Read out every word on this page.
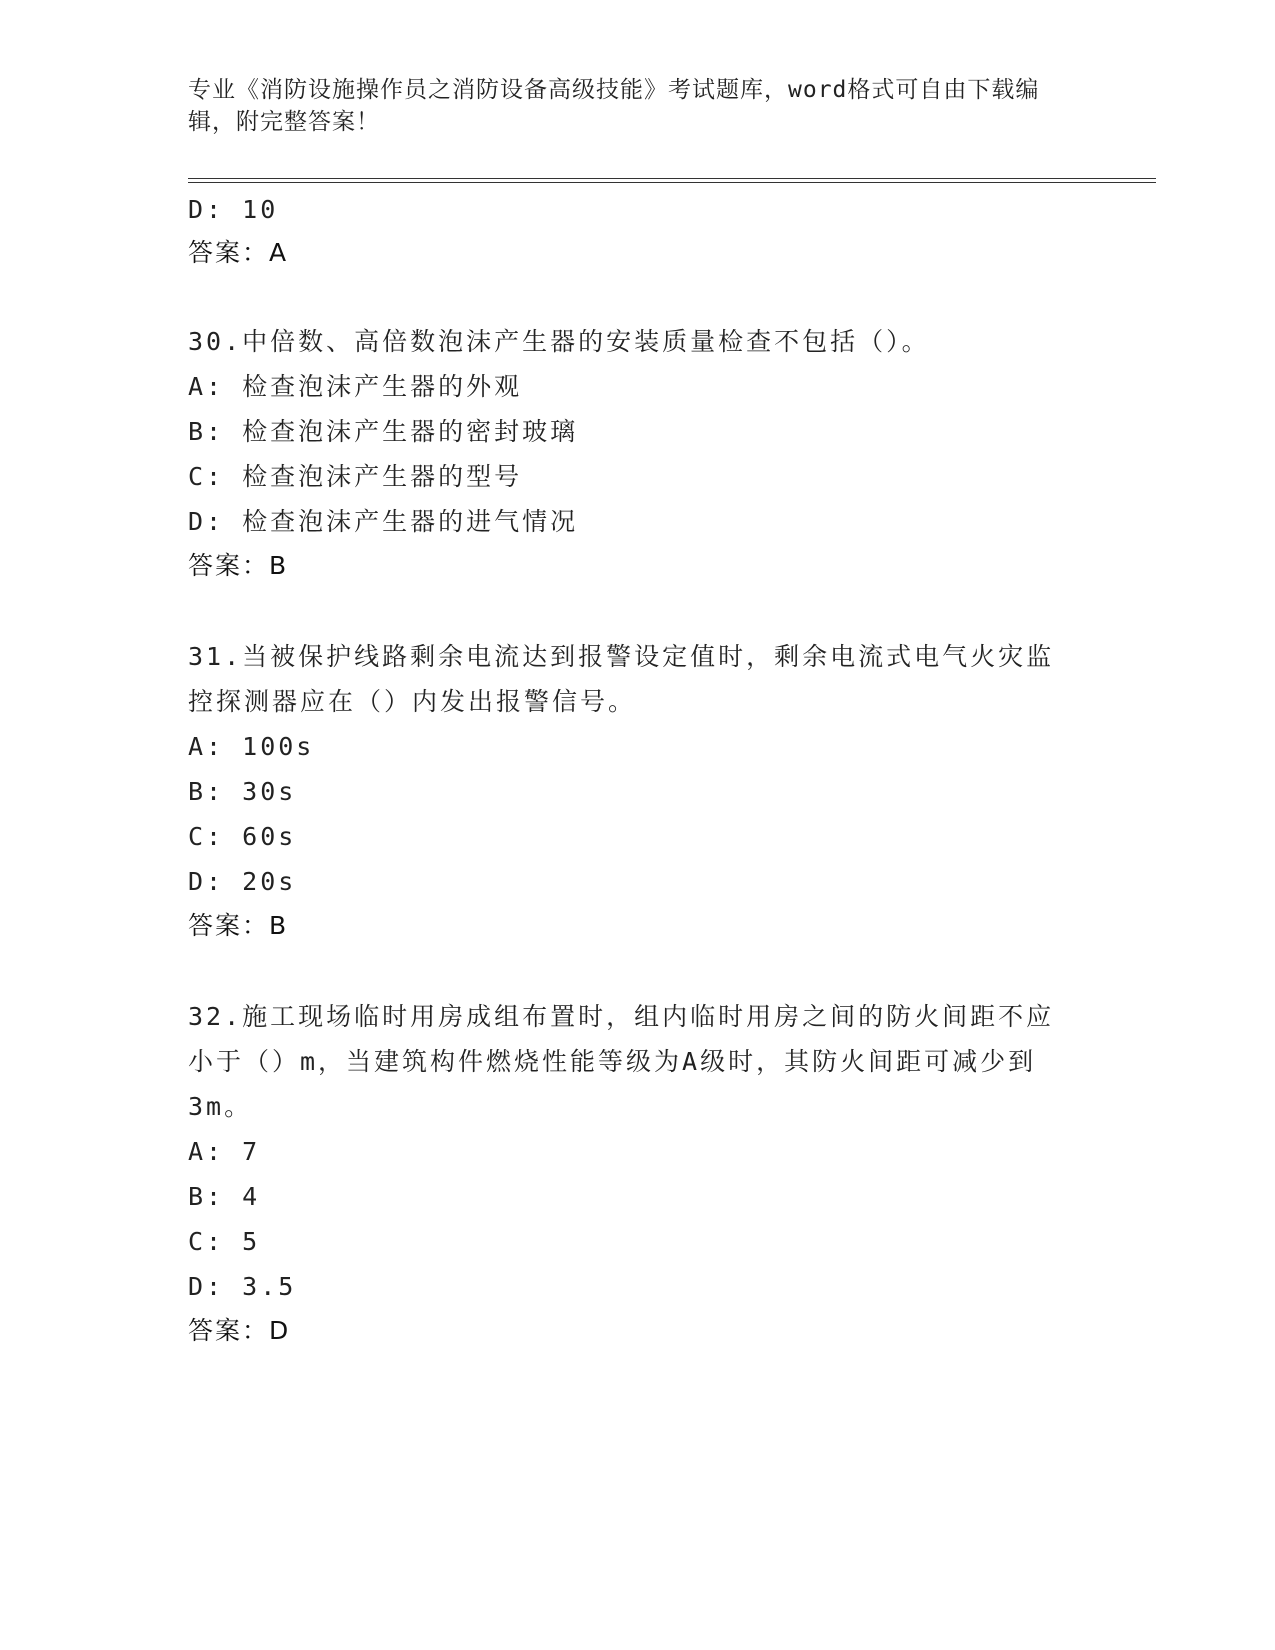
专业《消防设施操作员之消防设备高级技能》考试题库，word格式可自由下载编
辑，附完整答案！
D: 10
答案：A
30.中倍数、高倍数泡沫产生器的安装质量检查不包括（）。
A: 检查泡沫产生器的外观
B: 检查泡沫产生器的密封玻璃
C: 检查泡沫产生器的型号
D: 检查泡沫产生器的进气情况
答案：B
31.当被保护线路剩余电流达到报警设定值时，剩余电流式电气火灾监
控探测器应在（）内发出报警信号。
A: 100s
B: 30s
C: 60s
D: 20s
答案：B
32.施工现场临时用房成组布置时，组内临时用房之间的防火间距不应
小于（）m，当建筑构件燃烧性能等级为A级时，其防火间距可减少到
3m。
A: 7
B: 4
C: 5
D: 3.5
答案：D
